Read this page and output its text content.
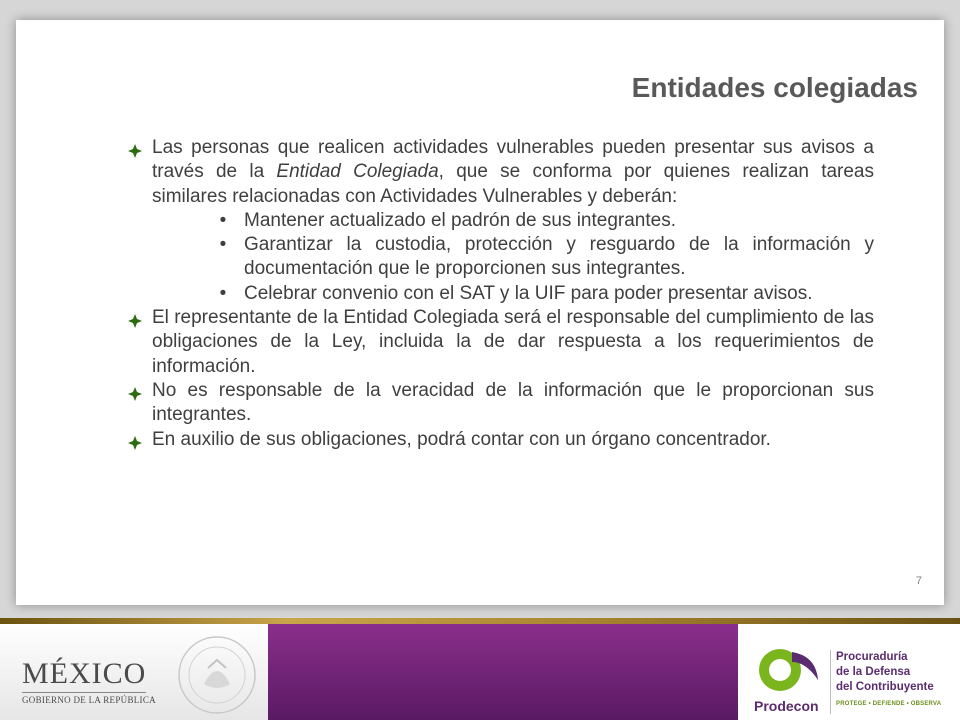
Entidades colegiadas
Las personas que realicen actividades vulnerables pueden presentar sus avisos a través de la Entidad Colegiada, que se conforma por quienes realizan tareas similares relacionadas con Actividades Vulnerables y deberán:
• Mantener actualizado el padrón de sus integrantes.
• Garantizar la custodia, protección y resguardo de la información y documentación que le proporcionen sus integrantes.
• Celebrar convenio con el SAT y la UIF para poder presentar avisos.
El representante de la Entidad Colegiada será el responsable del cumplimiento de las obligaciones de la Ley, incluida la de dar respuesta a los requerimientos de información.
No es responsable de la veracidad de la información que le proporcionan sus integrantes.
En auxilio de sus obligaciones, podrá contar con un órgano concentrador.
7
MÉXICO
GOBIERNO DE LA REPÚBLICA	Prodecon
Procuraduría
de la Defensa
del Contribuyente
PROTEGE • DEFIENDE • OBSERVA
